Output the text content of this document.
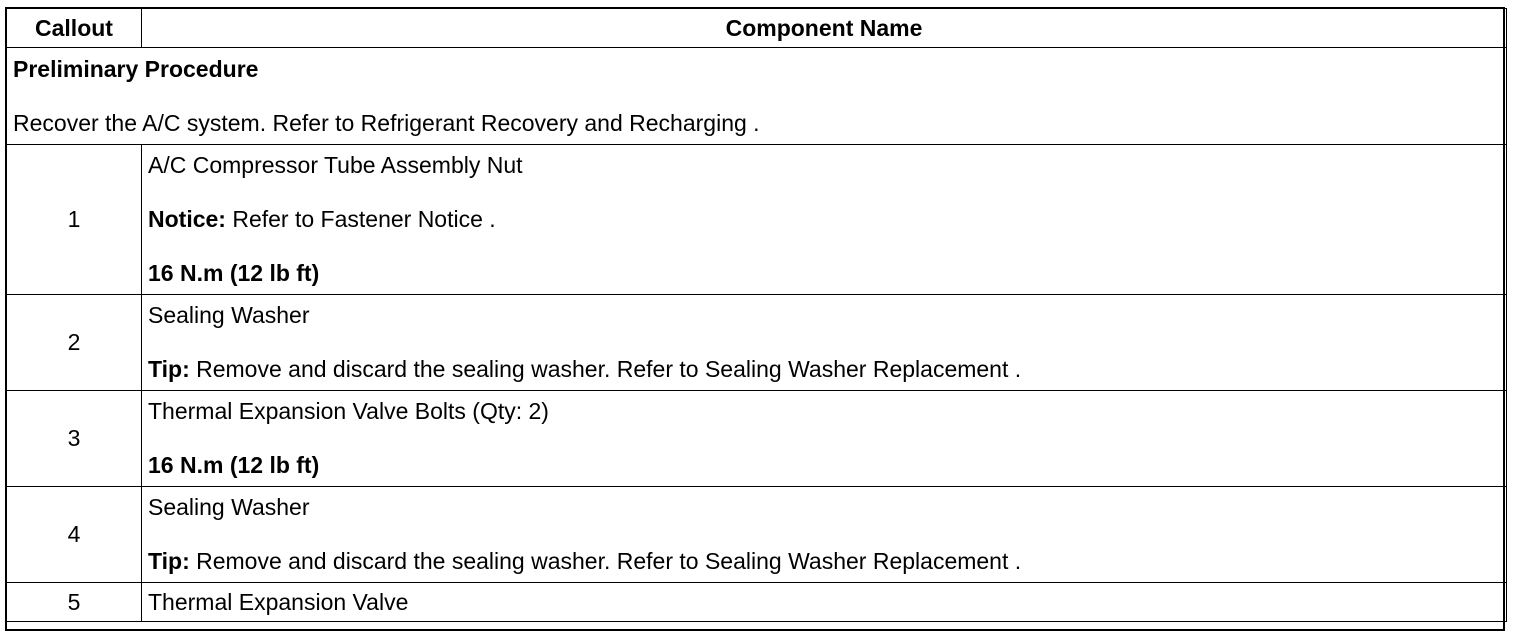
Callout	Component Name

Preliminary Procedure
Recover the A/C system. Refer to Refrigerant Recovery and Recharging .	

1	A/C Compressor Tube Assembly Nut
Notice: Refer to Fastener Notice .
16 N.m (12 lb ft)

2	Sealing Washer
Tip: Remove and discard the sealing washer. Refer to Sealing Washer Replacement .

3	Thermal Expansion Valve Bolts (Qty: 2)
16 N.m (12 lb ft)

4	Sealing Washer
Tip: Remove and discard the sealing washer. Refer to Sealing Washer Replacement .

5	Thermal Expansion Valve
